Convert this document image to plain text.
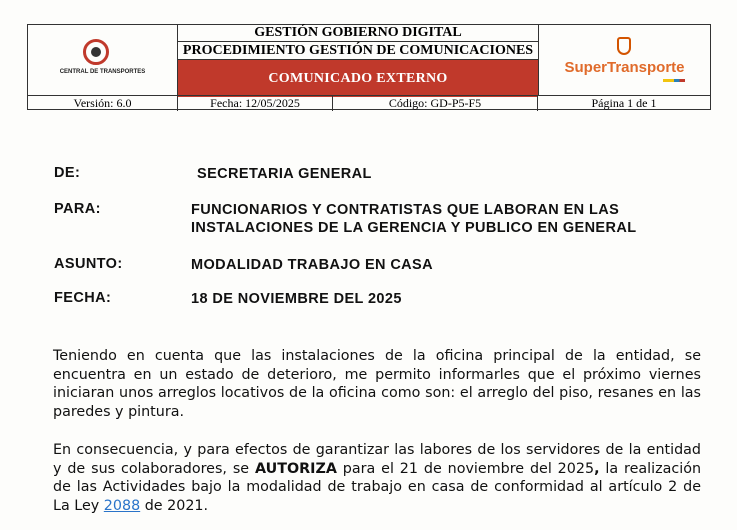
CENTRAL DE TRANSPORTES
GESTIÓN GOBIERNO DIGITAL
PROCEDIMIENTO GESTIÓN DE COMUNICACIONES
COMUNICADO EXTERNO
SuperTransporte
Versión: 6.0	Fecha: 12/05/2025	Código: GD-P5-F5	Página 1 de 1
DE:	SECRETARIA GENERAL
PARA:	FUNCIONARIOS Y CONTRATISTAS QUE LABORAN EN LAS
INSTALACIONES DE LA GERENCIA Y PUBLICO EN GENERAL
ASUNTO:	MODALIDAD TRABAJO EN CASA
FECHA:	18 DE NOVIEMBRE DEL 2025
Teniendo en cuenta que las instalaciones de la oficina principal de la entidad, se encuentra en un estado de deterioro, me permito informarles que el próximo viernes iniciaran unos arreglos locativos de la oficina como son: el arreglo del piso, resanes en las paredes y pintura.
En consecuencia, y para efectos de garantizar las labores de los servidores de la entidad y de sus colaboradores, se AUTORIZA para el 21 de noviembre del 2025, la realización de las Actividades bajo la modalidad de trabajo en casa de conformidad al artículo 2 de La Ley 2088 de 2021.
